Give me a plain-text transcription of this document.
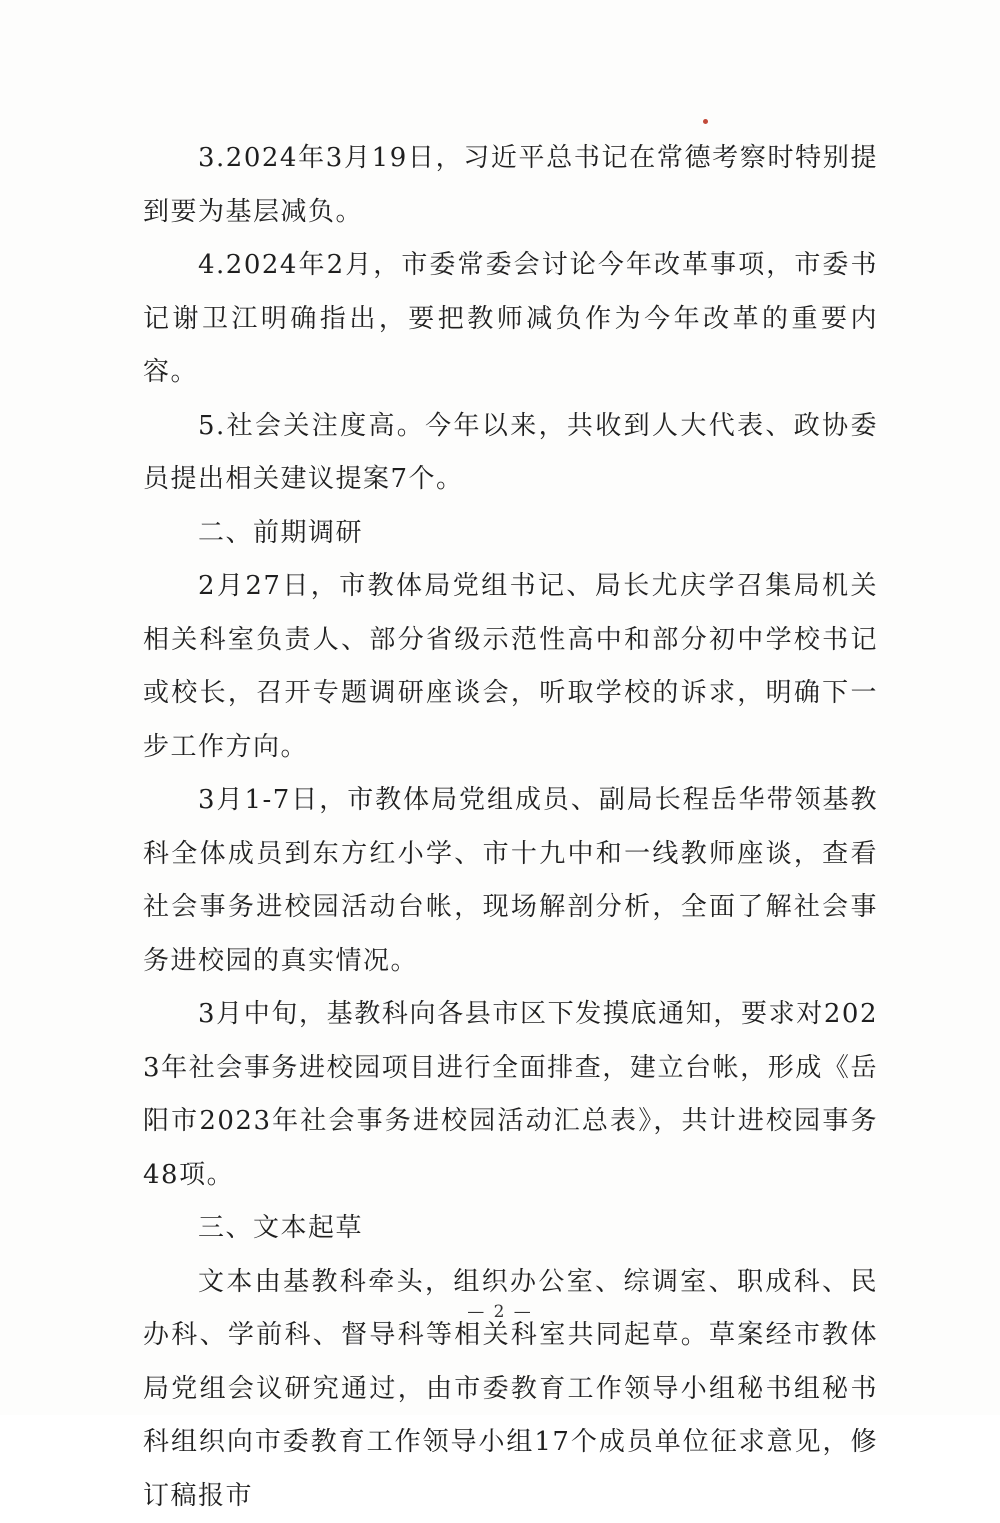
3.2024年3月19日，习近平总书记在常德考察时特别提到要为基层减负。

4.2024年2月，市委常委会讨论今年改革事项，市委书记谢卫江明确指出，要把教师减负作为今年改革的重要内容。

5.社会关注度高。今年以来，共收到人大代表、政协委员提出相关建议提案7个。

二、前期调研

2月27日，市教体局党组书记、局长尤庆学召集局机关相关科室负责人、部分省级示范性高中和部分初中学校书记或校长，召开专题调研座谈会，听取学校的诉求，明确下一步工作方向。

3月1-7日，市教体局党组成员、副局长程岳华带领基教科全体成员到东方红小学、市十九中和一线教师座谈，查看社会事务进校园活动台帐，现场解剖分析，全面了解社会事务进校园的真实情况。

3月中旬，基教科向各县市区下发摸底通知，要求对2023年社会事务进校园项目进行全面排查，建立台帐，形成《岳阳市2023年社会事务进校园活动汇总表》，共计进校园事务48项。

三、文本起草

文本由基教科牵头，组织办公室、综调室、职成科、民办科、学前科、督导科等相关科室共同起草。草案经市教体局党组会议研究通过，由市委教育工作领导小组秘书组秘书科组织向市委教育工作领导小组17个成员单位征求意见，修订稿报市

— 2 —
